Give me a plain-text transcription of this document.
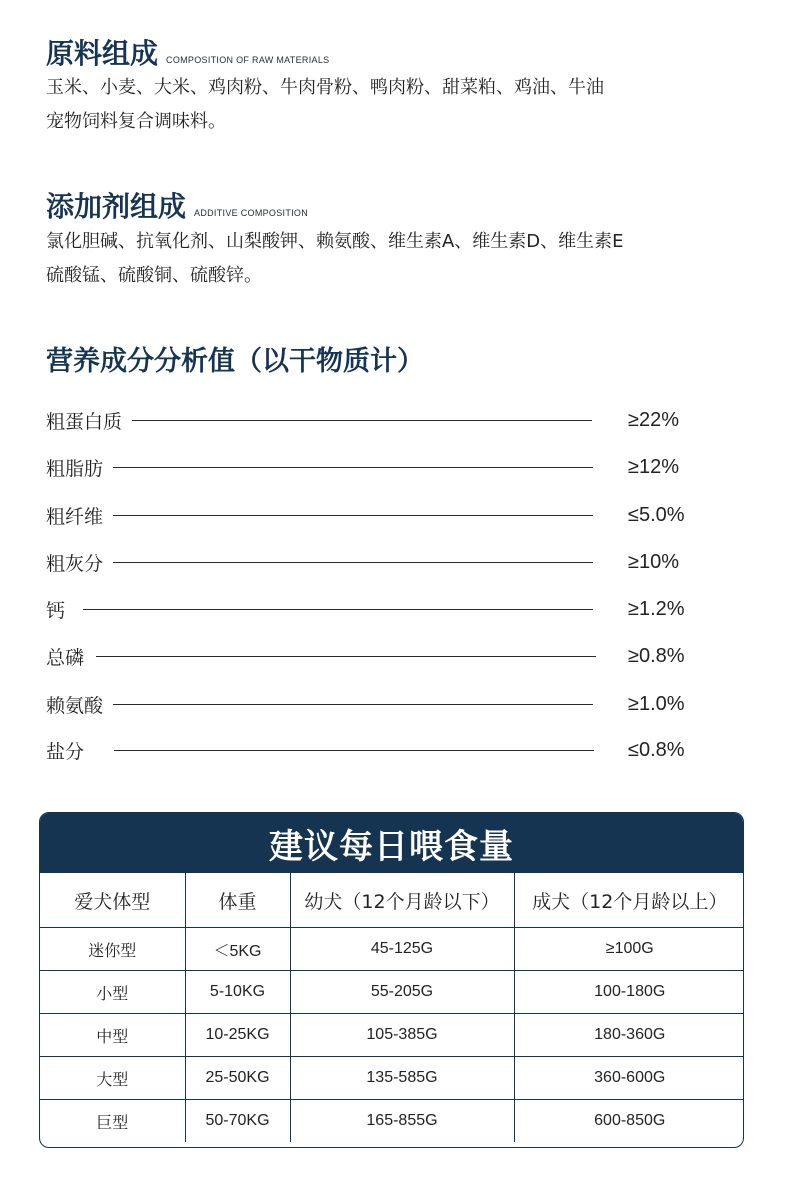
原料组成 COMPOSITION OF RAW MATERIALS
玉米、小麦、大米、鸡肉粉、牛肉骨粉、鸭肉粉、甜菜粕、鸡油、牛油
宠物饲料复合调味料。
添加剂组成 ADDITIVE COMPOSITION
氯化胆碱、抗氧化剂、山梨酸钾、赖氨酸、维生素A、维生素D、维生素E
硫酸锰、硫酸铜、硫酸锌。
营养成分分析值（以干物质计）
粗蛋白质	≥22%
粗脂肪	≥12%
粗纤维	≤5.0%
粗灰分	≥10%
钙	≥1.2%
总磷	≥0.8%
赖氨酸	≥1.0%
盐分	≤0.8%
建议每日喂食量
爱犬体型	体重	幼犬（12个月龄以下）	成犬（12个月龄以上）
迷你型	＜5KG	45-125G	≥100G
小型	5-10KG	55-205G	100-180G
中型	10-25KG	105-385G	180-360G
大型	25-50KG	135-585G	360-600G
巨型	50-70KG	165-855G	600-850G
